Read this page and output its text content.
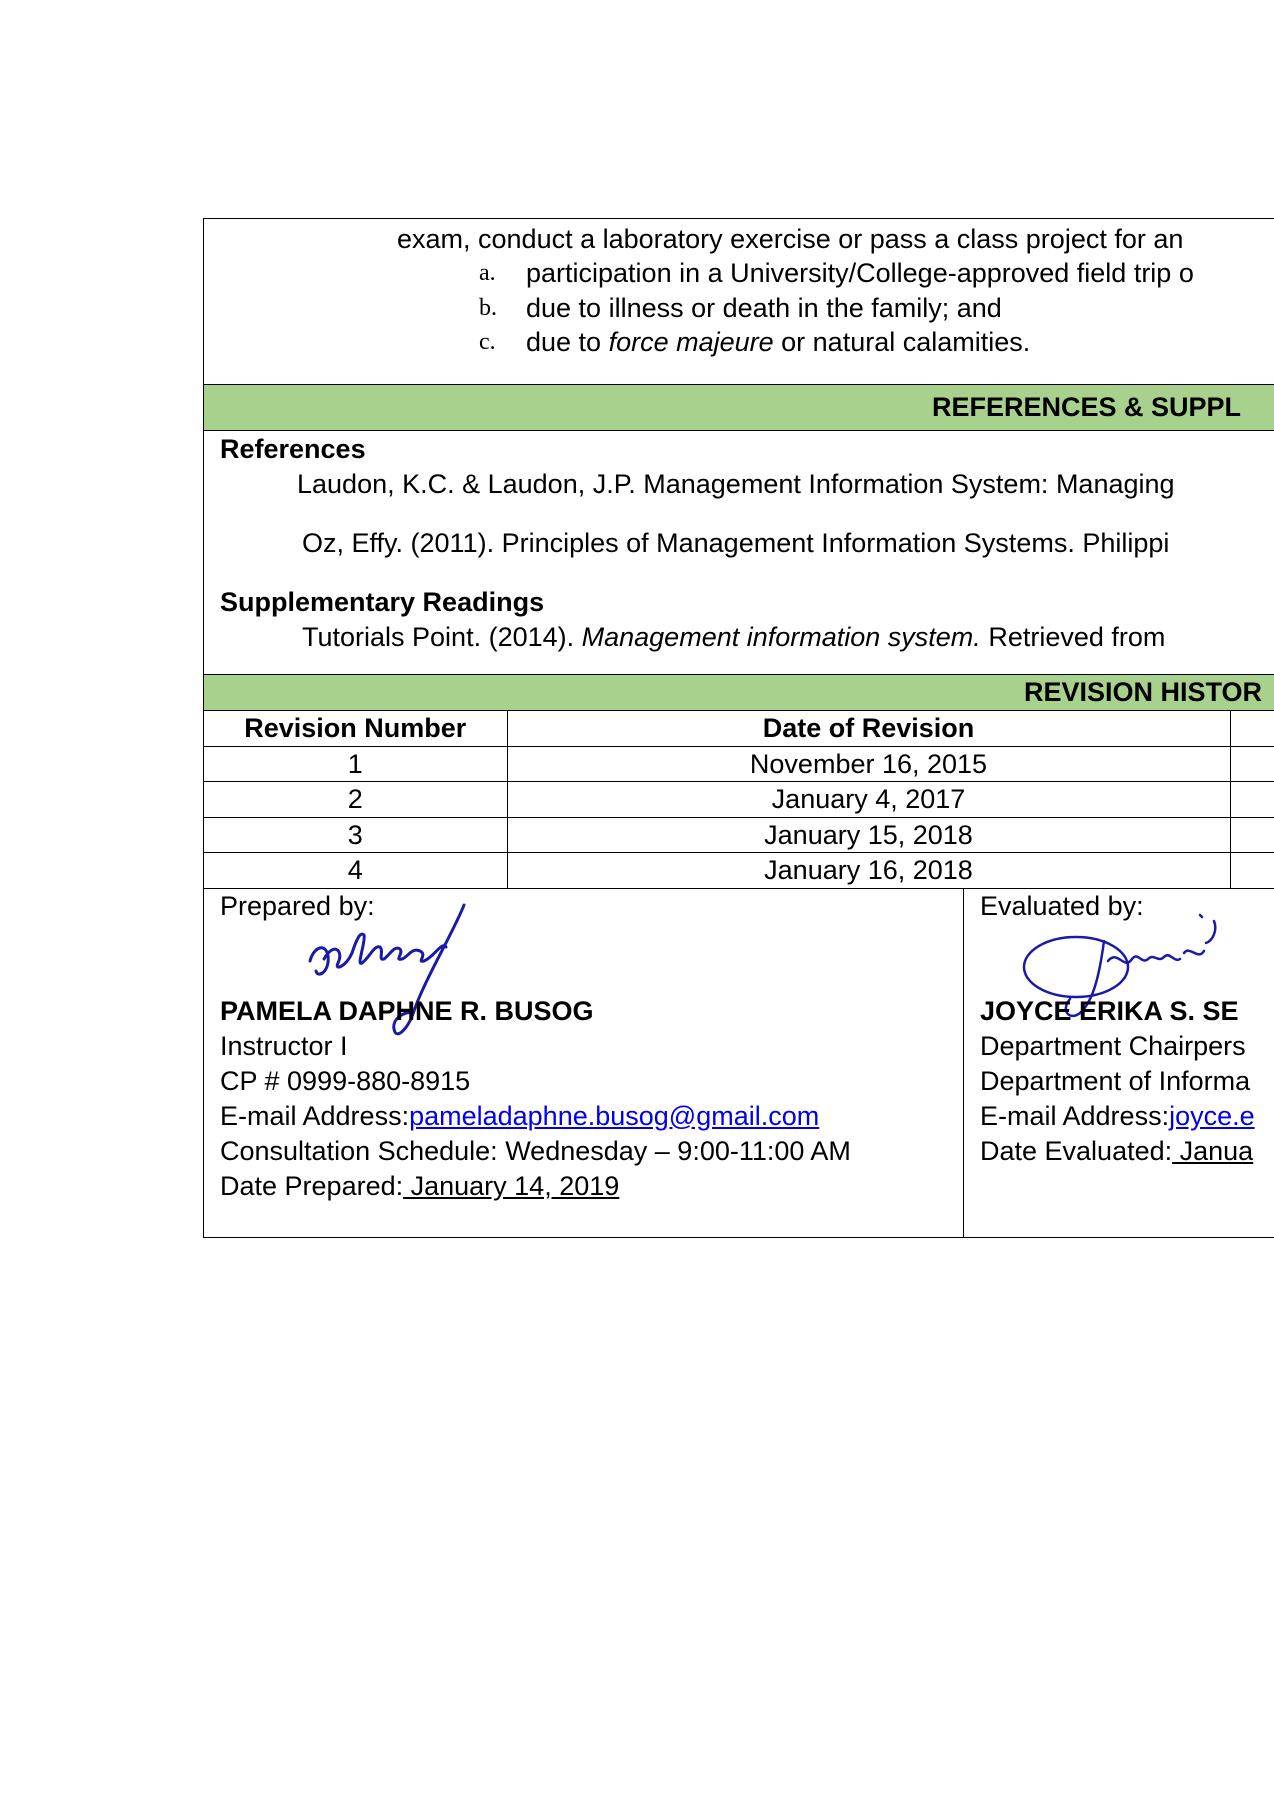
exam, conduct a laboratory exercise or pass a class project for an
a. participation in a University/College-approved field trip o
b. due to illness or death in the family; and
c. due to force majeure or natural calamities.
REFERENCES & SUPPL
References
Laudon, K.C. & Laudon, J.P. Management Information System: Managing
Oz, Effy. (2011). Principles of Management Information Systems. Philippi
Supplementary Readings
Tutorials Point. (2014). Management information system. Retrieved from
REVISION HISTOR
Revision Number	Date of Revision	
1	November 16, 2015	
2	January 4, 2017	
3	January 15, 2018	
4	January 16, 2018	
Prepared by:
PAMELA DAPHNE R. BUSOG
Instructor I
CP # 0999-880-8915
E-mail Address:pameladaphne.busog@gmail.com
Consultation Schedule: Wednesday – 9:00-11:00 AM
Date Prepared: January 14, 2019
Evaluated by:
JOYCE ERIKA S. SE
Department Chairpers
Department of Informa
E-mail Address:joyce.e
Date Evaluated: Janua
